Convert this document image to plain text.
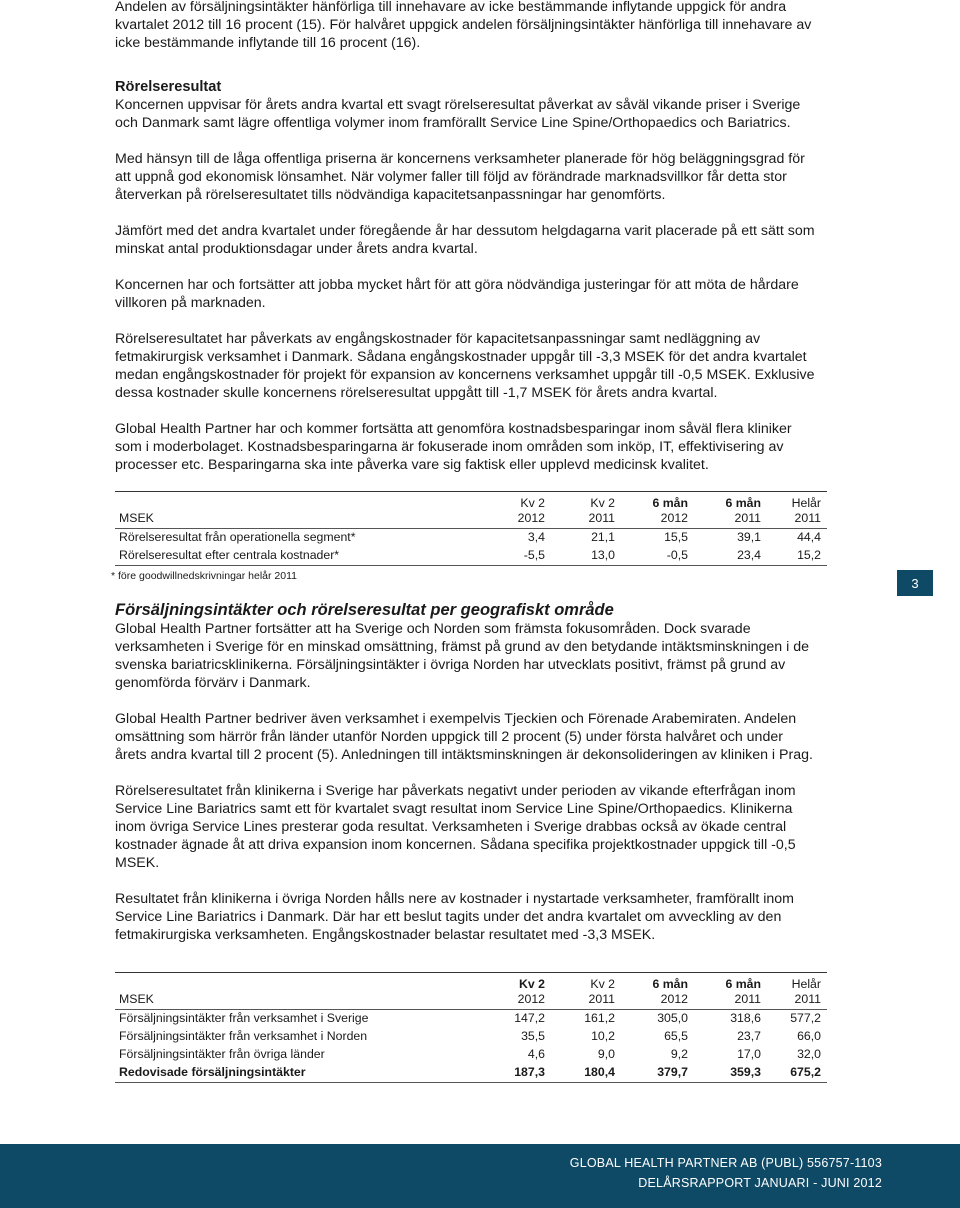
Andelen av försäljningsintäkter hänförliga till innehavare av icke bestämmande inflytande uppgick för andra kvartalet 2012 till 16 procent (15). För halvåret uppgick andelen försäljningsintäkter hänförliga till innehavare av icke bestämmande inflytande till 16 procent (16).

Rörelseresultat

Koncernen uppvisar för årets andra kvartal ett svagt rörelseresultat påverkat av såväl vikande priser i Sverige och Danmark samt lägre offentliga volymer inom framförallt Service Line Spine/Orthopaedics och Bariatrics.

Med hänsyn till de låga offentliga priserna är koncernens verksamheter planerade för hög beläggningsgrad för att uppnå god ekonomisk lönsamhet. När volymer faller till följd av förändrade marknadsvillkor får detta stor återverkan på rörelseresultatet tills nödvändiga kapacitetsanpassningar har genomförts.

Jämfört med det andra kvartalet under föregående år har dessutom helgdagarna varit placerade på ett sätt som minskat antal produktionsdagar under årets andra kvartal.

Koncernen har och fortsätter att jobba mycket hårt för att göra nödvändiga justeringar för att möta de hårdare villkoren på marknaden.

Rörelseresultatet har påverkats av engångskostnader för kapacitetsanpassningar samt nedläggning av fetmakirurgisk verksamhet i Danmark. Sådana engångskostnader uppgår till -3,3 MSEK för det andra kvartalet medan engångskostnader för projekt för expansion av koncernens verksamhet uppgår till -0,5 MSEK. Exklusive dessa kostnader skulle koncernens rörelseresultat uppgått till -1,7 MSEK för årets andra kvartal.

Global Health Partner har och kommer fortsätta att genomföra kostnadsbesparingar inom såväl flera kliniker som i moderbolaget. Kostnadsbesparingarna är fokuserade inom områden som inköp, IT, effektivisering av processer etc. Besparingarna ska inte påverka vare sig faktisk eller upplevd medicinsk kvalitet.

	Kv 2	Kv 2	6 mån	6 mån	Helår
MSEK	2012	2011	2012	2011	2011
Rörelseresultat från operationella segment*	3,4	21,1	15,5	39,1	44,4
Rörelseresultat efter centrala kostnader*	-5,5	13,0	-0,5	23,4	15,2
* före goodwillnedskrivningar helår 2011
Försäljningsintäkter och rörelseresultat per geografiskt område

Global Health Partner fortsätter att ha Sverige och Norden som främsta fokusområden. Dock svarade verksamheten i Sverige för en minskad omsättning, främst på grund av den betydande intäktsminskningen i de svenska bariatricsklinikerna. Försäljningsintäkter i övriga Norden har utvecklats positivt, främst på grund av genomförda förvärv i Danmark.

Global Health Partner bedriver även verksamhet i exempelvis Tjeckien och Förenade Arabemiraten. Andelen omsättning som härrör från länder utanför Norden uppgick till 2 procent (5) under första halvåret och under årets andra kvartal till 2 procent (5). Anledningen till intäktsminskningen är dekonsolideringen av kliniken i Prag.

Rörelseresultatet från klinikerna i Sverige har påverkats negativt under perioden av vikande efterfrågan inom Service Line Bariatrics samt ett för kvartalet svagt resultat inom Service Line Spine/Orthopaedics. Klinikerna inom övriga Service Lines presterar goda resultat. Verksamheten i Sverige drabbas också av ökade central kostnader ägnade åt att driva expansion inom koncernen. Sådana specifika projektkostnader uppgick till -0,5 MSEK.

Resultatet från klinikerna i övriga Norden hålls nere av kostnader i nystartade verksamheter, framförallt inom Service Line Bariatrics i Danmark. Där har ett beslut tagits under det andra kvartalet om avveckling av den fetmakirurgiska verksamheten. Engångskostnader belastar resultatet med -3,3 MSEK.

	Kv 2	Kv 2	6 mån	6 mån	Helår
MSEK	2012	2011	2012	2011	2011
Försäljningsintäkter från verksamhet i Sverige	147,2	161,2	305,0	318,6	577,2
Försäljningsintäkter från verksamhet i Norden	35,5	10,2	65,5	23,7	66,0
Försäljningsintäkter från övriga länder	4,6	9,0	9,2	17,0	32,0
Redovisade försäljningsintäkter	187,3	180,4	379,7	359,3	675,2
3
GLOBAL HEALTH PARTNER AB (PUBL) 556757-1103
DELÅRSRAPPORT JANUARI - JUNI 2012
